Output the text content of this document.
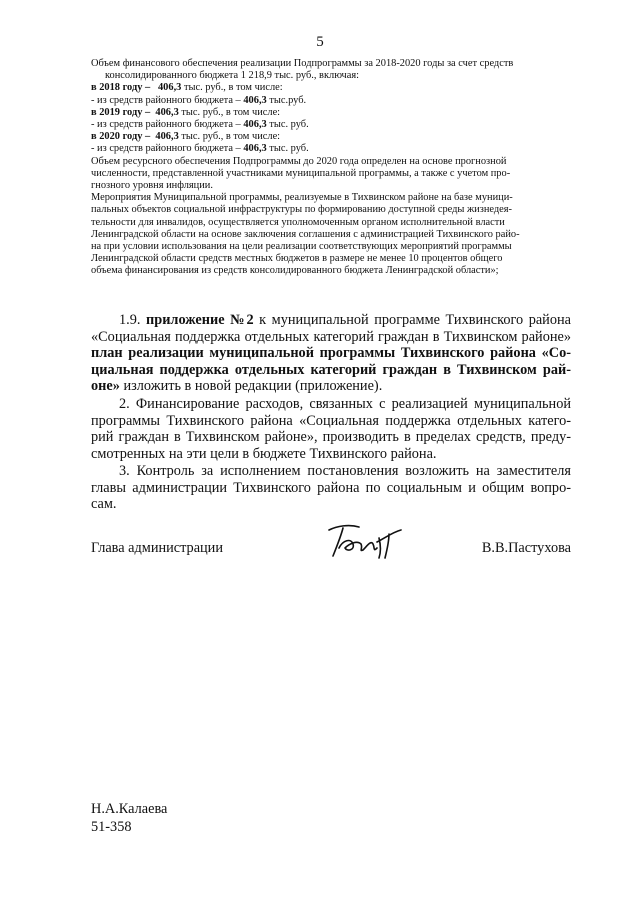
5
Объем финансового обеспечения реализации Подпрограммы за 2018-2020 годы за счет средств
консолидированного бюджета 1 218,9 тыс. руб., включая:
в 2018 году – 406,3 тыс. руб., в том числе:
- из средств районного бюджета – 406,3 тыс.руб.
в 2019 году – 406,3 тыс. руб., в том числе:
- из средств районного бюджета – 406,3 тыс. руб.
в 2020 году – 406,3 тыс. руб., в том числе:
- из средств районного бюджета – 406,3 тыс. руб.
Объем ресурсного обеспечения Подпрограммы до 2020 года определен на основе прогнозной
численности, представленной участниками муниципальной программы, а также с учетом про-
гнозного уровня инфляции.
Мероприятия Муниципальной программы, реализуемые в Тихвинском районе на базе муници-
пальных объектов социальной инфраструктуры по формированию доступной среды жизнедея-
тельности для инвалидов, осуществляется уполномоченным органом исполнительной власти
Ленинградской области на основе заключения соглашения с администрацией Тихвинского райо-
на при условии использования на цели реализации соответствующих мероприятий программы
Ленинградской области средств местных бюджетов в размере не менее 10 процентов общего
объема финансирования из средств консолидированного бюджета Ленинградской области»;
1.9. приложение №2 к муниципальной программе Тихвинского района
«Социальная поддержка отдельных категорий граждан в Тихвинском районе»
план реализации муниципальной программы Тихвинского района «Со-
циальная поддержка отдельных категорий граждан в Тихвинском рай-
оне» изложить в новой редакции (приложение).
2. Финансирование расходов, связанных с реализацией муниципальной
программы Тихвинского района «Социальная поддержка отдельных катего-
рий граждан в Тихвинском районе», производить в пределах средств, преду-
смотренных на эти цели в бюджете Тихвинского района.
3. Контроль за исполнением постановления возложить на заместителя
главы администрации Тихвинского района по социальным и общим вопро-
сам.
Глава администрации	В.В.Пастухова
Н.А.Калаева
51-358
